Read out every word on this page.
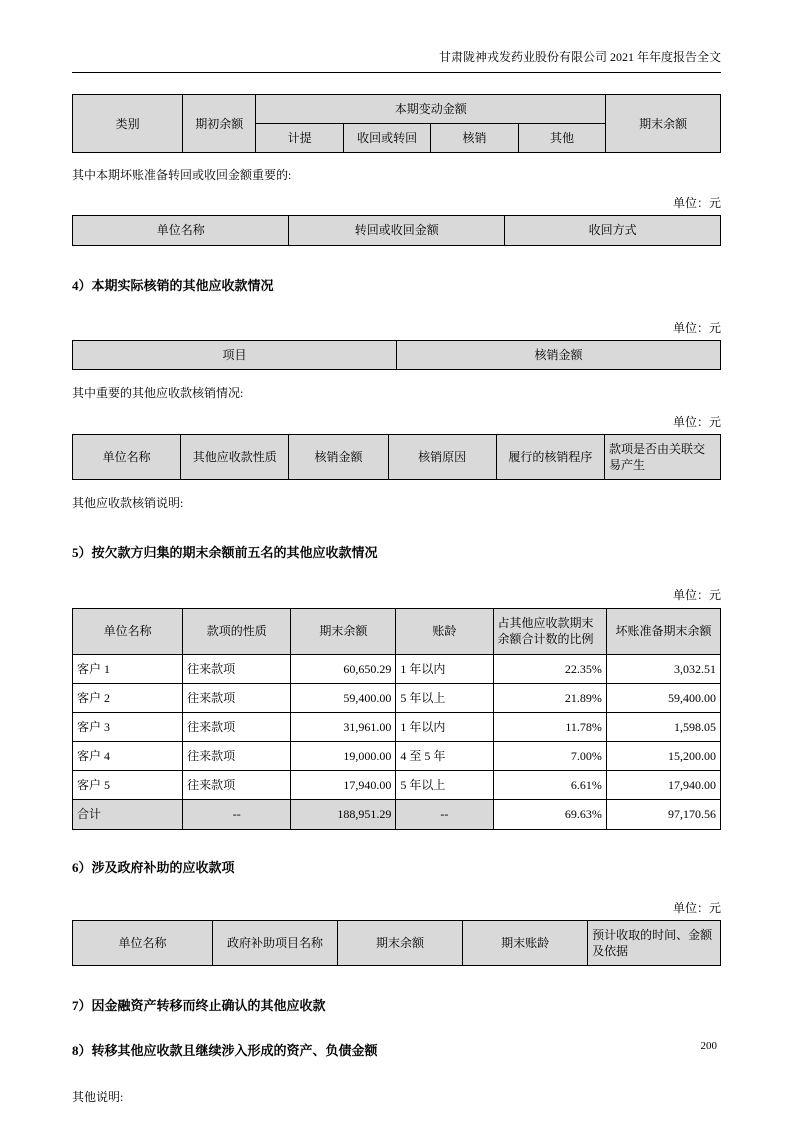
甘肃陇神戎发药业股份有限公司 2021 年年度报告全文
类别	期初余额	本期变动金额				期末余额
		计提	收回或转回	核销	其他	
其中本期坏账准备转回或收回金额重要的:
单位：元
单位名称	转回或收回金额	收回方式
4）本期实际核销的其他应收款情况
单位：元
项目	核销金额
其中重要的其他应收款核销情况:
单位：元
单位名称	其他应收款性质	核销金额	核销原因	履行的核销程序	款项是否由关联交易产生
其他应收款核销说明:
5）按欠款方归集的期末余额前五名的其他应收款情况
单位：元
单位名称	款项的性质	期末余额	账龄	占其他应收款期末余额合计数的比例	坏账准备期末余额
客户 1	往来款项	60,650.29	1 年以内	22.35%	3,032.51
客户 2	往来款项	59,400.00	5 年以上	21.89%	59,400.00
客户 3	往来款项	31,961.00	1 年以内	11.78%	1,598.05
客户 4	往来款项	19,000.00	4 至 5 年	7.00%	15,200.00
客户 5	往来款项	17,940.00	5 年以上	6.61%	17,940.00
合计	--	188,951.29	--	69.63%	97,170.56
6）涉及政府补助的应收款项
单位：元
单位名称	政府补助项目名称	期末余额	期末账龄	预计收取的时间、金额及依据
7）因金融资产转移而终止确认的其他应收款
8）转移其他应收款且继续涉入形成的资产、负债金额
其他说明:
200
